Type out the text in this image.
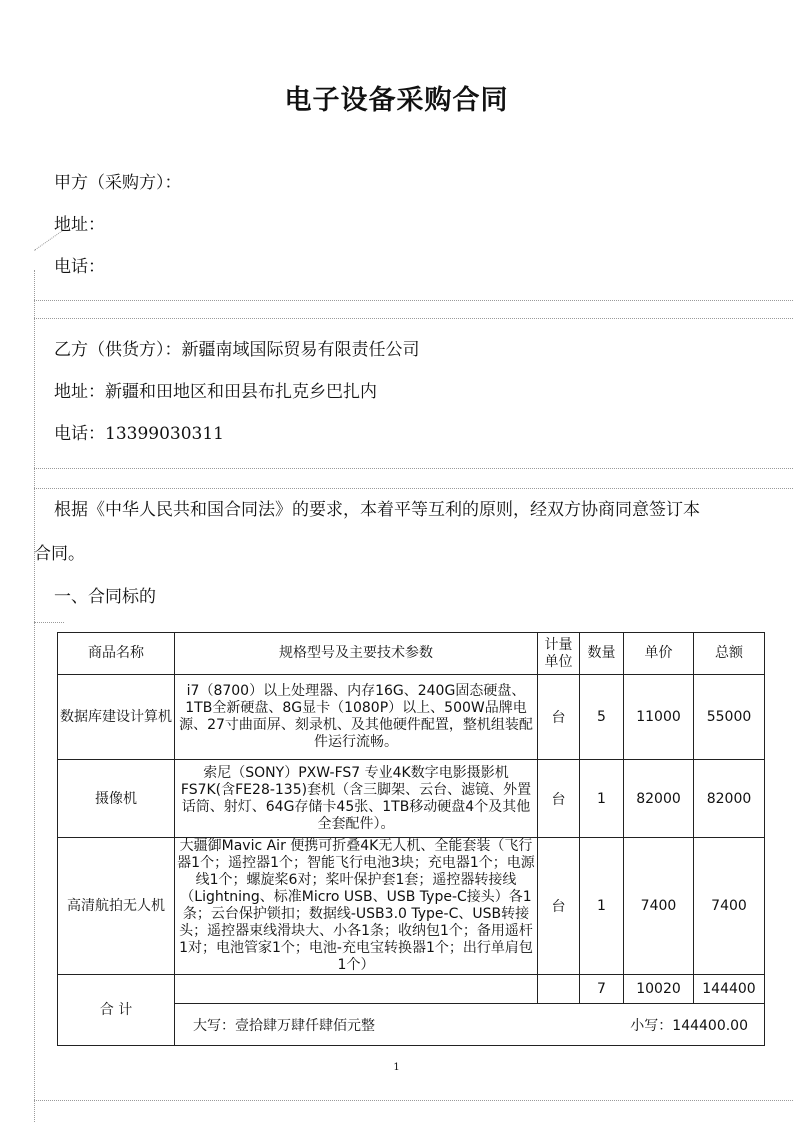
电子设备采购合同
甲方（采购方）：
地址：
电话：
乙方（供货方）：新疆南域国际贸易有限责任公司
地址：新疆和田地区和田县布扎克乡巴扎内
电话：13399030311
根据《中华人民共和国合同法》的要求，本着平等互利的原则，经双方协商同意签订本
合同。
一、合同标的
商品名称	规格型号及主要技术参数	计量单位	数量	单价	总额
数据库建设计算机	i7（8700）以上处理器、内存16G、240G固态硬盘、1TB全新硬盘、8G显卡（1080P）以上、500W品牌电源、27寸曲面屏、刻录机、及其他硬件配置，整机组装配件运行流畅。	台	5	11000	55000
摄像机	索尼（SONY）PXW-FS7 专业4K数字电影摄影机 FS7K(含FE28-135)套机（含三脚架、云台、滤镜、外置话筒、射灯、64G存储卡45张、1TB移动硬盘4个及其他全套配件）。	台	1	82000	82000
高清航拍无人机	大疆御Mavic Air 便携可折叠4K无人机、全能套装（飞行器1个；遥控器1个；智能飞行电池3块；充电器1个；电源线1个；螺旋桨6对；桨叶保护套1套；遥控器转接线（Lightning、标准Micro USB、USB Type-C接头）各1条；云台保护锁扣；数据线-USB3.0 Type-C、USB转接头；遥控器束线滑块大、小各1条；收纳包1个；备用遥杆1对；电池管家1个；电池-充电宝转换器1个；出行单肩包1个）	台	1	7400	7400
合 计			7	10020	144400

	大写：壹拾肆万肆仟肆佰元整 小写：144400.00				
1
